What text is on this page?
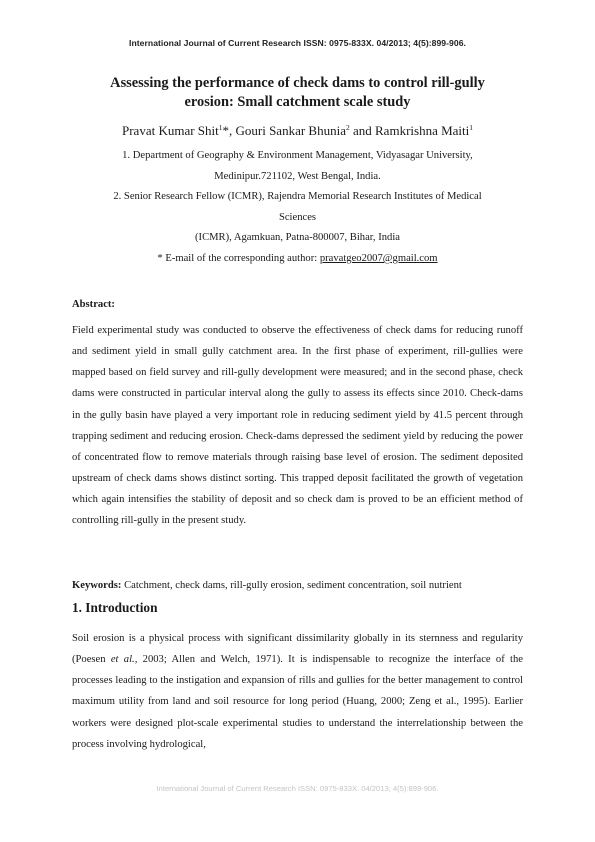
International Journal of Current Research ISSN: 0975-833X. 04/2013; 4(5):899-906.
Assessing the performance of check dams to control rill-gully
erosion: Small catchment scale study
Pravat Kumar Shit$^1$*, Gouri Sankar Bhunia$^2$ and Ramkrishna Maiti$^1$
1. Department of Geography & Environment Management, Vidyasagar University,
Medinipur.721102, West Bengal, India.
2. Senior Research Fellow (ICMR), Rajendra Memorial Research Institutes of Medical
Sciences
(ICMR), Agamkuan, Patna-800007, Bihar, India
* E-mail of the corresponding author: pravatgeo2007@gmail.com
Abstract:
Field experimental study was conducted to observe the effectiveness of check dams for reducing runoff and sediment yield in small gully catchment area. In the first phase of experiment, rill-gullies were mapped based on field survey and rill-gully development were measured; and in the second phase, check dams were constructed in particular interval along the gully to assess its effects since 2010. Check-dams in the gully basin have played a very important role in reducing sediment yield by 41.5 percent through trapping sediment and reducing erosion. Check-dams depressed the sediment yield by reducing the power of concentrated flow to remove materials through raising base level of erosion. The sediment deposited upstream of check dams shows distinct sorting. This trapped deposit facilitated the growth of vegetation which again intensifies the stability of deposit and so check dam is proved to be an efficient method of controlling rill-gully in the present study.
Keywords: Catchment, check dams, rill-gully erosion, sediment concentration, soil nutrient
1. Introduction
Soil erosion is a physical process with significant dissimilarity globally in its sternness and regularity (Poesen et al., 2003; Allen and Welch, 1971). It is indispensable to recognize the interface of the processes leading to the instigation and expansion of rills and gullies for the better management to control maximum utility from land and soil resource for long period (Huang, 2000; Zeng et al., 1995). Earlier workers were designed plot-scale experimental studies to understand the interrelationship between the process involving hydrological,
International Journal of Current Research ISSN: 0975-833X. 04/2013; 4(5):899-906.
